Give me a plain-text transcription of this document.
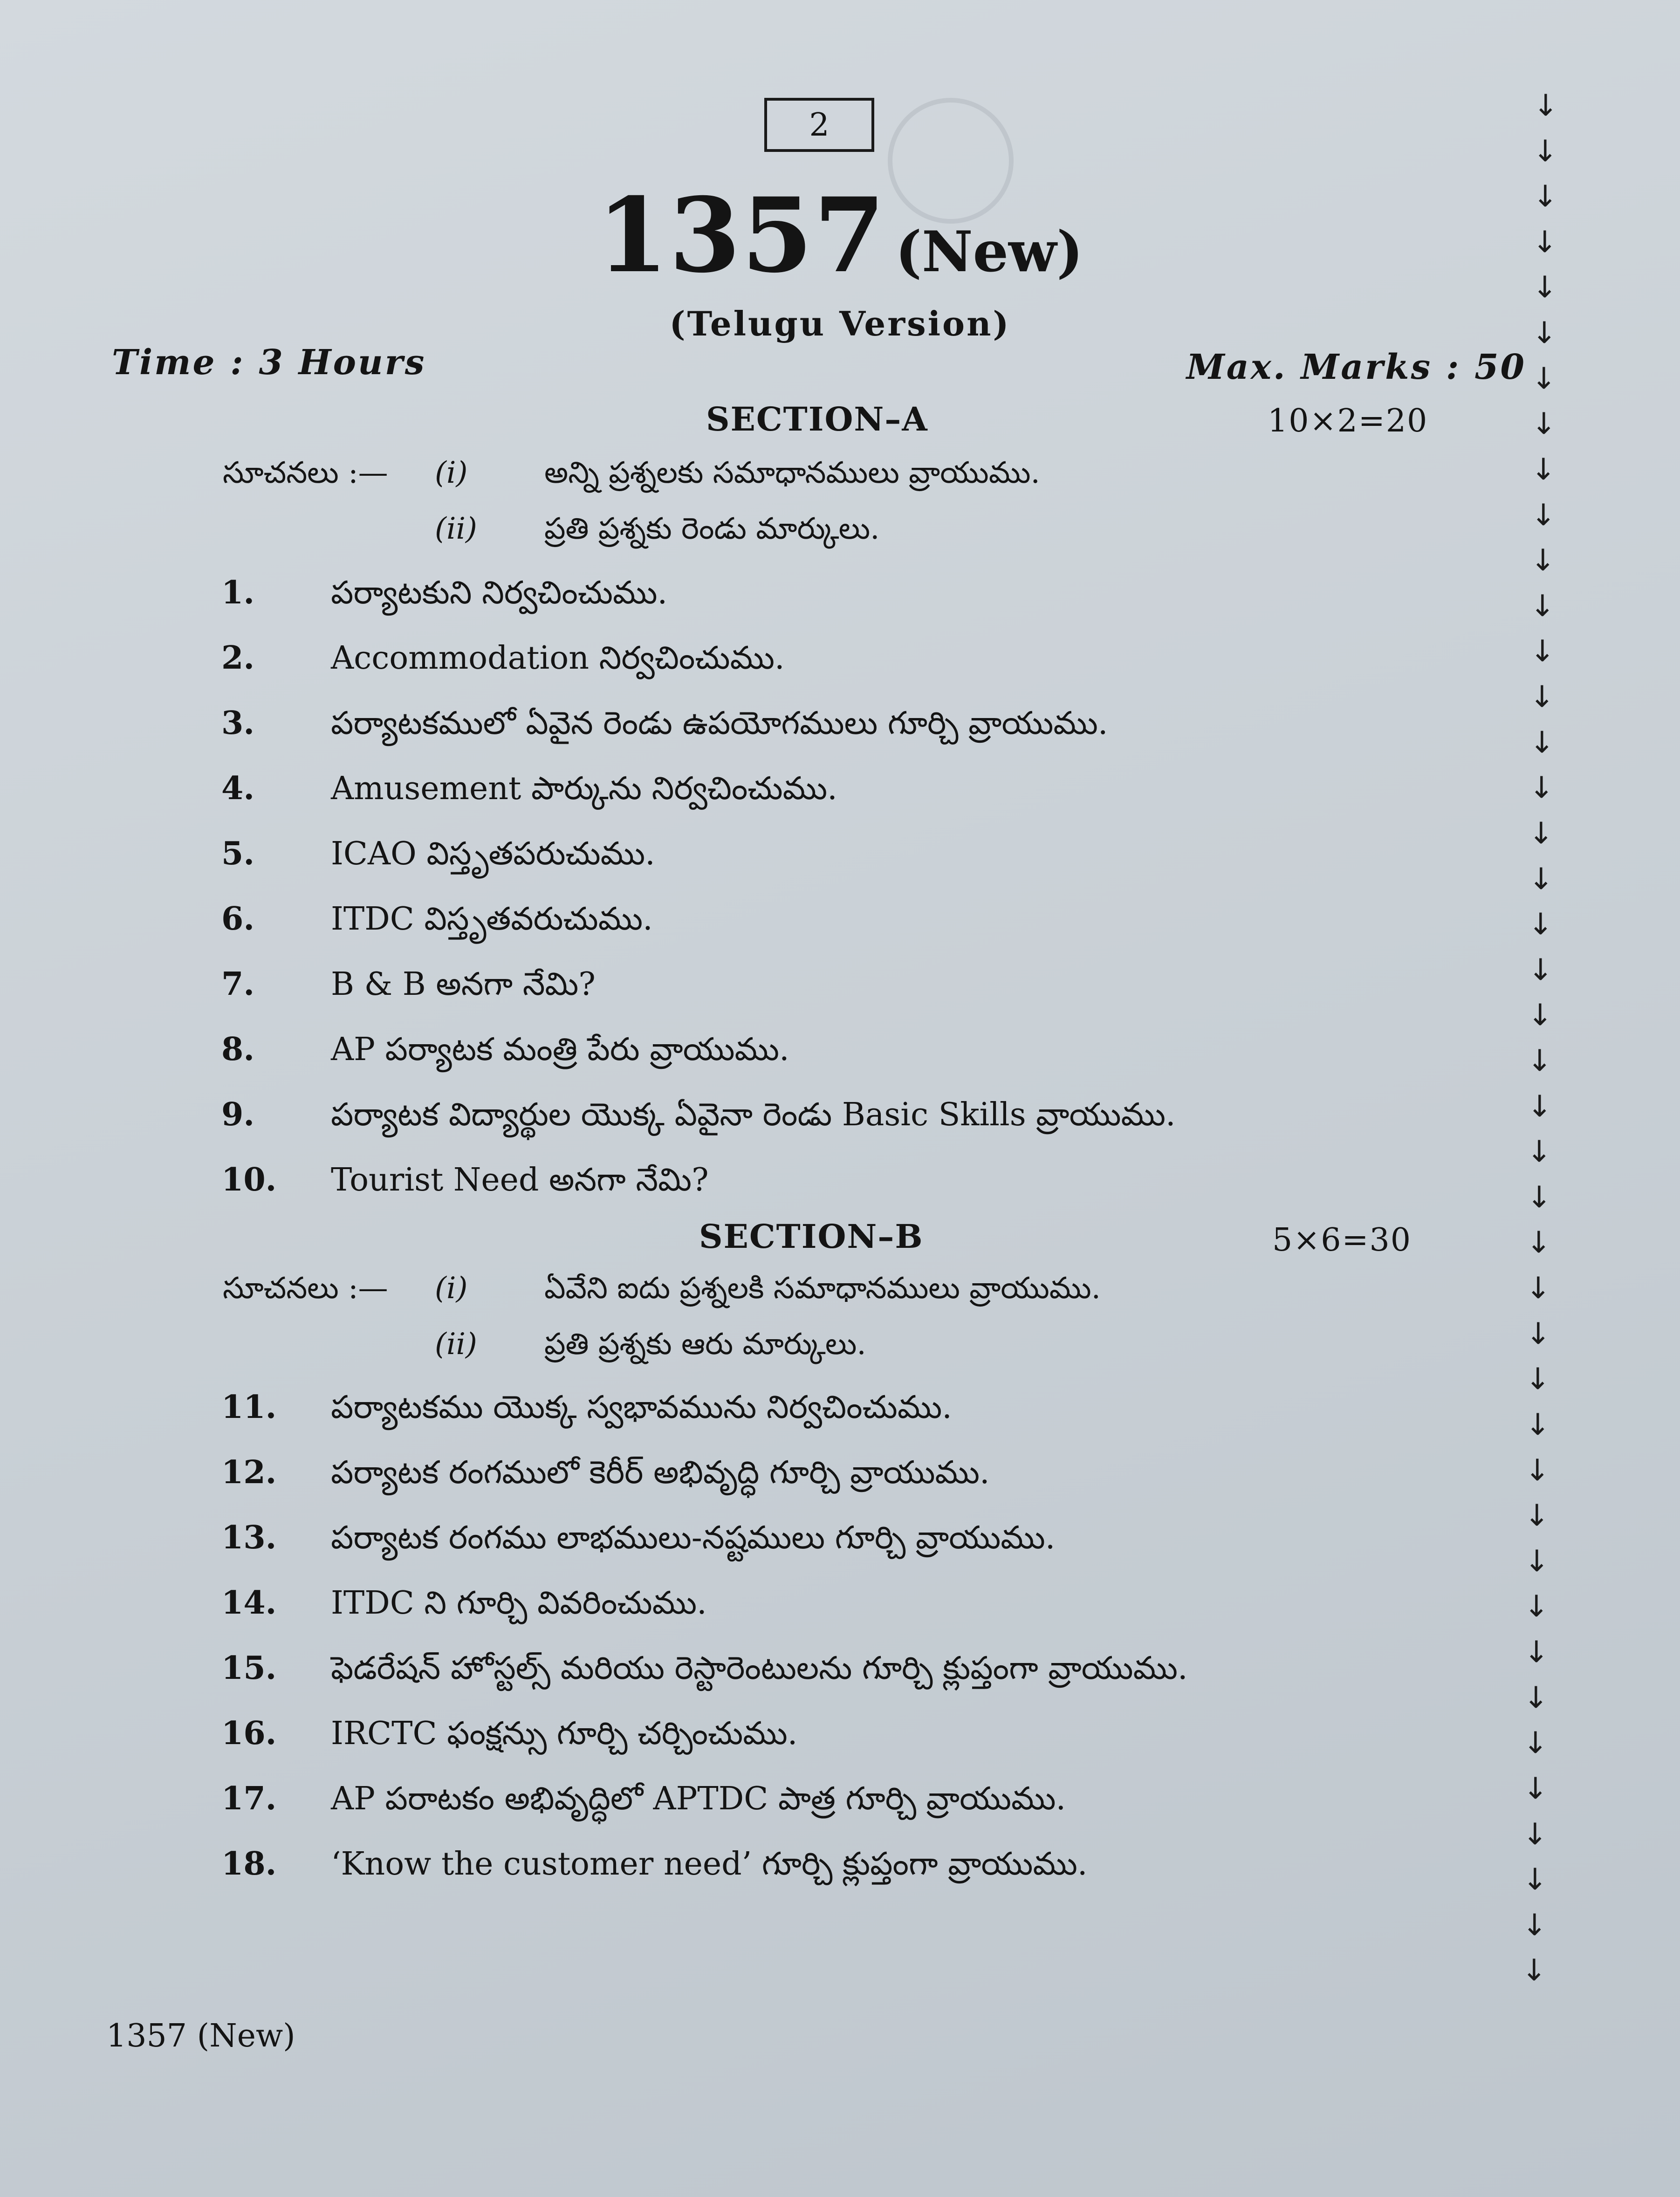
2
1357 (New)
(Telugu Version)
Time : 3 Hours	Max. Marks : 50
SECTION–A	10×2=20
సూచనలు :— (i)	అన్ని ప్రశ్నలకు సమాధానములు వ్రాయుము.
(ii) ప్రతి ప్రశ్నకు రెండు మార్కులు.
1.	పర్యాటకుని నిర్వచించుము.
2.	Accommodation నిర్వచించుము.
3.	పర్యాటకములో ఏవైన రెండు ఉపయోగములు గూర్చి వ్రాయుము.
4.	Amusement పార్కును నిర్వచించుము.
5.	ICAO విస్తృతపరుచుము.
6.	ITDC విస్తృతవరుచుము.
7.	B & B అనగా నేమి?
8.	AP పర్యాటక మంత్రి పేరు వ్రాయుము.
9.	పర్యాటక విద్యార్థుల యొక్క ఏవైనా రెండు Basic Skills వ్రాయుము.
10.	Tourist Need అనగా నేమి?
SECTION–B	5×6=30
సూచనలు :— (i)	ఏవేని ఐదు ప్రశ్నలకి సమాధానములు వ్రాయుము.
(ii) ప్రతి ప్రశ్నకు ఆరు మార్కులు.
11.	పర్యాటకము యొక్క స్వభావమును నిర్వచించుము.
12.	పర్యాటక రంగములో కెరీర్ అభివృద్ధి గూర్చి వ్రాయుము.
13.	పర్యాటక రంగము లాభములు-నష్టములు గూర్చి వ్రాయుము.
14.	ITDC ని గూర్చి వివరించుము.
15.	ఫెడరేషన్ హోస్టల్స్ మరియు రెస్టారెంటులను గూర్చి క్లుప్తంగా వ్రాయుము.
16.	IRCTC ఫంక్షన్సు గూర్చి చర్చించుము.
17.	AP పరాటకం అభివృద్ధిలో APTDC పాత్ర గూర్చి వ్రాయుము.
18.	‘Know the customer need’ గూర్చి క్లుప్తంగా వ్రాయుము.
1357 (New)
↓
↓
↓
↓
↓
↓
↓
↓
↓
↓
↓
↓
↓
↓
↓
↓
↓
↓
↓
↓
↓
↓
↓
↓
↓
↓
↓
↓
↓
↓
↓
↓
↓
↓
↓
↓
↓
↓
↓
↓
↓
↓
